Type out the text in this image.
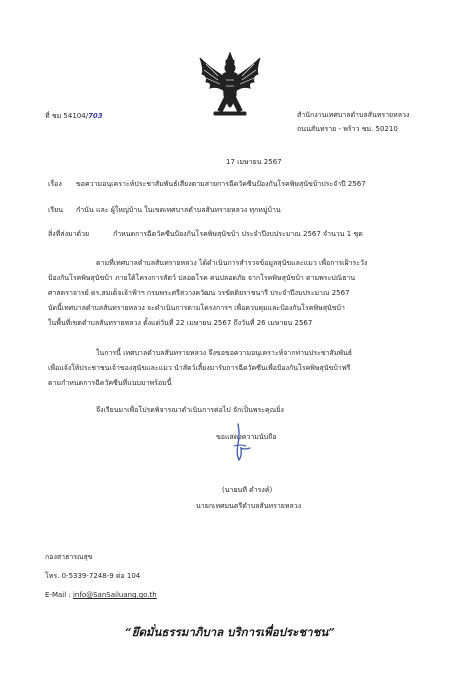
ที่ ชม 54104/703	สำนักงานเทศบาลตำบลสันทรายหลวง
ถนนสันทราย - พร้าว ชม. 50210
17 เมษายน 2567
เรื่อง ขอความอนุเคราะห์ประชาสัมพันธ์เสียงตามสายการฉีดวัคซีนป้องกันโรคพิษสุนัขบ้าประจำปี 2567
เรียน กำนัน และ ผู้ใหญ่บ้าน ในเขตเทศบาลตำบลสันทรายหลวง ทุกหมู่บ้าน
สิ่งที่ส่งมาด้วย	กำหนดการฉีดวัคซีนป้องกันโรคพิษสุนัขบ้า ประจำปีงบประมาณ 2567 จำนวน 1 ชุด
ตามที่เทศบาลตำบลสันทรายหลวง ได้ดำเนินการสำรวจข้อมูลสุนัขและแมว เพื่อการเฝ้าระวัง
ป้องกันโรคพิษสุนัขบ้า ภายใต้โครงการสัตว์ ปลอดโรค คนปลอดภัย จากโรคพิษสุนัขบ้า ตามพระปณิธาน
ศาสตราจารย์ ดร.สมเด็จเจ้าฟ้าฯ กรมพระศรีสวางควัฒน วรขัตติยราชนารี ประจำปีงบประมาณ 2567
บัดนี้เทศบาลตำบลสันทรายหลวง จะดำเนินการตามโครงการฯ เพื่อควบคุมและป้องกันโรคพิษสุนัขบ้า
ในพื้นที่เขตตำบลสันทรายหลวง ตั้งแต่วันที่ 22 เมษายน 2567 ถึงวันที่ 26 เมษายน 2567
ในการนี้ เทศบาลตำบลสันทรายหลวง จึงขอขอความอนุเคราะห์จากท่านประชาสัมพันธ์
เพื่อแจ้งให้ประชาชนเจ้าของสุนัขและแมว นำสัตว์เลี้ยงมารับการฉีดวัคซีนเพื่อป้องกันโรคพิษสุนัขบ้าฟรี
ตามกำหนดการฉีดวัคซีนที่แนบมาพร้อมนี้
จึงเรียนมาเพื่อโปรดพิจารณาดำเนินการต่อไป จักเป็นพระคุณยิ่ง
ขอแสดงความนับถือ
(นายนที ดำรงค์)
นายกเทศมนตรีตำบลสันทรายหลวง
กองสาธารณสุข
โทร. 0-5339-7248-9 ต่อ 104
E-Mail : info@SanSailuang.go.th
“ยึดมั่นธรรมาภิบาล บริการเพื่อประชาชน”
